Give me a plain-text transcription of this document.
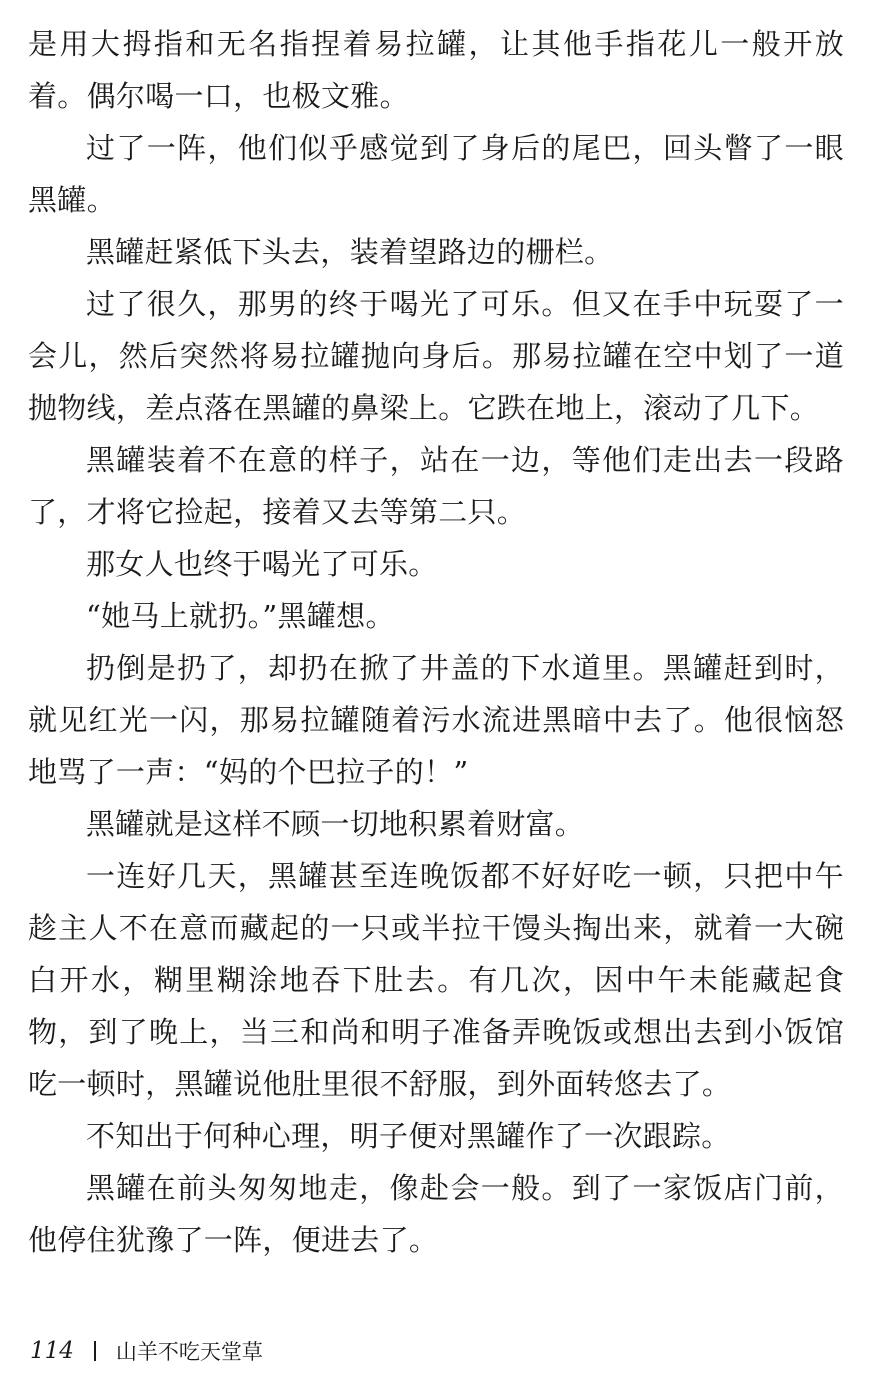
是用大拇指和无名指捏着易拉罐，让其他手指花儿一般开放着。偶尔喝一口，也极文雅。

过了一阵，他们似乎感觉到了身后的尾巴，回头瞥了一眼黑罐。

黑罐赶紧低下头去，装着望路边的栅栏。

过了很久，那男的终于喝光了可乐。但又在手中玩耍了一会儿，然后突然将易拉罐抛向身后。那易拉罐在空中划了一道抛物线，差点落在黑罐的鼻梁上。它跌在地上，滚动了几下。

黑罐装着不在意的样子，站在一边，等他们走出去一段路了，才将它捡起，接着又去等第二只。

那女人也终于喝光了可乐。

“她马上就扔。”黑罐想。

扔倒是扔了，却扔在掀了井盖的下水道里。黑罐赶到时，就见红光一闪，那易拉罐随着污水流进黑暗中去了。他很恼怒地骂了一声：“妈的个巴拉子的！”

黑罐就是这样不顾一切地积累着财富。

一连好几天，黑罐甚至连晚饭都不好好吃一顿，只把中午趁主人不在意而藏起的一只或半拉干馒头掏出来，就着一大碗白开水，糊里糊涂地吞下肚去。有几次，因中午未能藏起食物，到了晚上，当三和尚和明子准备弄晚饭或想出去到小饭馆吃一顿时，黑罐说他肚里很不舒服，到外面转悠去了。

不知出于何种心理，明子便对黑罐作了一次跟踪。

黑罐在前头匆匆地走，像赴会一般。到了一家饭店门前，他停住犹豫了一阵，便进去了。

114 山羊不吃天堂草
